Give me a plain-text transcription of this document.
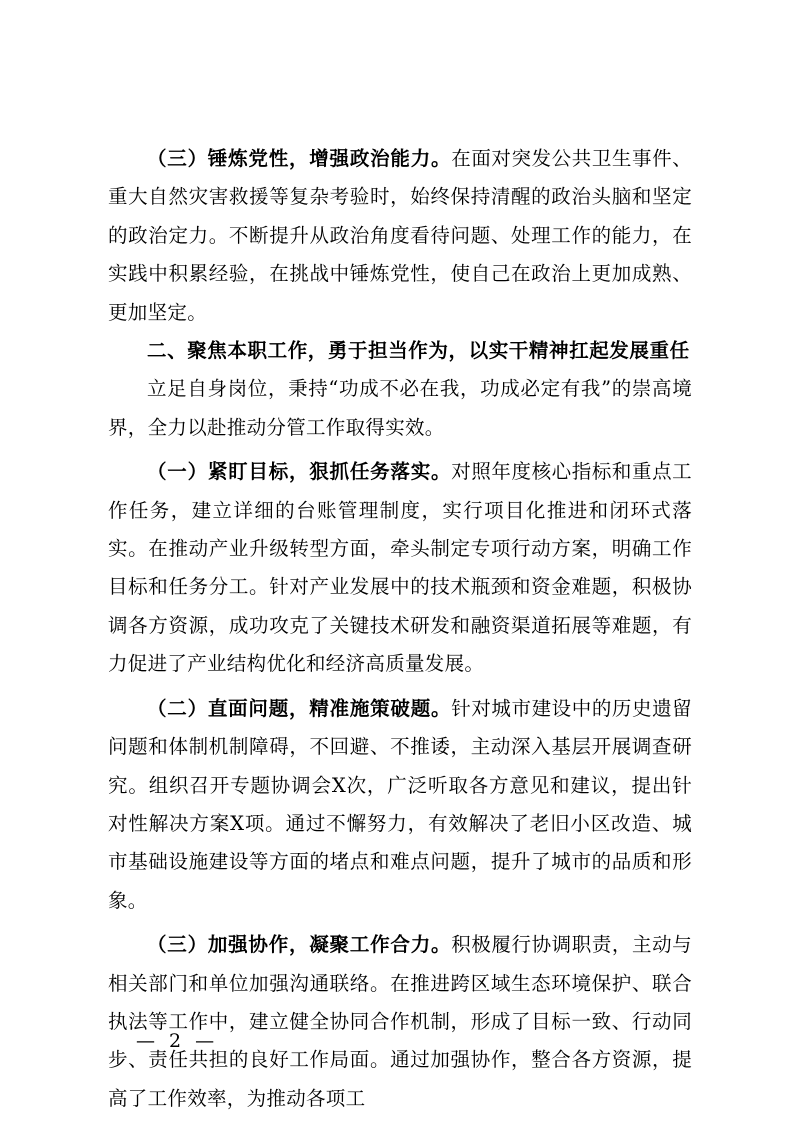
（三）锤炼党性，增强政治能力。在面对突发公共卫生事件、重大自然灾害救援等复杂考验时，始终保持清醒的政治头脑和坚定的政治定力。不断提升从政治角度看待问题、处理工作的能力，在实践中积累经验，在挑战中锤炼党性，使自己在政治上更加成熟、更加坚定。

二、聚焦本职工作，勇于担当作为，以实干精神扛起发展重任

立足自身岗位，秉持“功成不必在我，功成必定有我”的崇高境界，全力以赴推动分管工作取得实效。

（一）紧盯目标，狠抓任务落实。对照年度核心指标和重点工作任务，建立详细的台账管理制度，实行项目化推进和闭环式落实。在推动产业升级转型方面，牵头制定专项行动方案，明确工作目标和任务分工。针对产业发展中的技术瓶颈和资金难题，积极协调各方资源，成功攻克了关键技术研发和融资渠道拓展等难题，有力促进了产业结构优化和经济高质量发展。

（二）直面问题，精准施策破题。针对城市建设中的历史遗留问题和体制机制障碍，不回避、不推诿，主动深入基层开展调查研究。组织召开专题协调会X次，广泛听取各方意见和建议，提出针对性解决方案X项。通过不懈努力，有效解决了老旧小区改造、城市基础设施建设等方面的堵点和难点问题，提升了城市的品质和形象。

（三）加强协作，凝聚工作合力。积极履行协调职责，主动与相关部门和单位加强沟通联络。在推进跨区域生态环境保护、联合执法等工作中，建立健全协同合作机制，形成了目标一致、行动同步、责任共担的良好工作局面。通过加强协作，整合各方资源，提高了工作效率，为推动各项工

— 2 —
